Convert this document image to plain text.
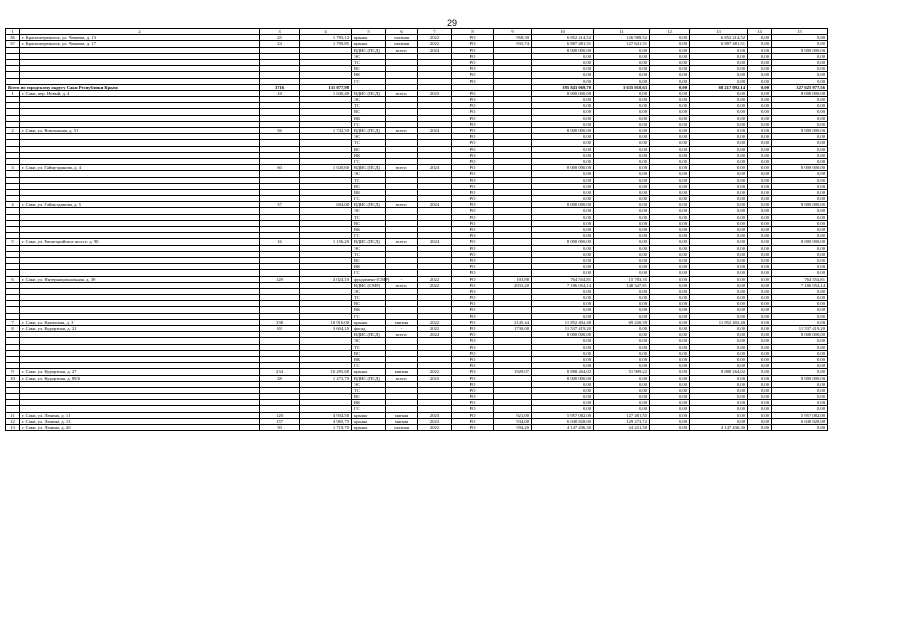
29
1	2	3	4	5	6	7	8	9	10	11	12	13	14	15
36	г. Красноперекопск, ул. Чапаева, д. 13	25	1 783,12	крыша	скатная	2022	РО	958,39	6 852 214,52	126 988,52	0,00	6 852 214,52	0,00	0,00
37	г. Красноперекопск, ул. Чапаева, д. 17	24	1 790,85	крыша	скатная	2022	РО	933,74	6 887 481,51	127 641,51	0,00	6 887 481,51	0,00	0,00
				ВДИС (ПСД)	всего:	2024	РО		8 000 000,00	0,00	0,00	0,00	0,00	8 000 000,00
				ЭС			РО		0,00	0,00	0,00	0,00	0,00	0,00
				ТС			РО		0,00	0,00	0,00	0,00	0,00	0,00
				ВС			РО		0,00	0,00	0,00	0,00	0,00	0,00
				ВК			РО		0,00	0,00	0,00	0,00	0,00	0,00
				ГС			РО		0,00	0,00	0,00	0,00	0,00	0,00
Всего по городскому округу Саки Республики Крым:		3716	131 077,98						395 843 069,70	3 635 018,63	0,00	68 217 092,14	0,00	327 625 977,56
1	г. Саки, пер. Новый, д. 4	18	1 040,40	ВДИС (ПСД)	всего:	2023	РО		8 000 000,00	0,00	0,00	0,00	0,00	8 000 000,00
				ЭС			РО		0,00	0,00	0,00	0,00	0,00	0,00
				ТС			РО		0,00	0,00	0,00	0,00	0,00	0,00
				ВС			РО		0,00	0,00	0,00	0,00	0,00	0,00
				ВК			РО		0,00	0,00	0,00	0,00	0,00	0,00
				ГС			РО		0,00	0,00	0,00	0,00	0,00	0,00
2	г. Саки, ул. Вокзальная, д. 51	56	1 742,50	ВДИС (ПСД)	всего:	2024	РО		8 000 000,00	0,00	0,00	0,00	0,00	8 000 000,00
				ЭС			РО		0,00	0,00	0,00	0,00	0,00	0,00
				ТС			РО		0,00	0,00	0,00	0,00	0,00	0,00
				ВС			РО		0,00	0,00	0,00	0,00	0,00	0,00
				ВК			РО		0,00	0,00	0,00	0,00	0,00	0,00
				ГС			РО		0,00	0,00	0,00	0,00	0,00	0,00
3	г. Саки, ул. Гайнутдинова, д. 4	60	1 020,60	ВДИС (ПСД)	всего:	2024	РО		8 000 000,00	0,00	0,00	0,00	0,00	8 000 000,00
				ЭС			РО		0,00	0,00	0,00	0,00	0,00	0,00
				ТС			РО		0,00	0,00	0,00	0,00	0,00	0,00
				ВС			РО		0,00	0,00	0,00	0,00	0,00	0,00
				ВК			РО		0,00	0,00	0,00	0,00	0,00	0,00
				ГС			РО		0,00	0,00	0,00	0,00	0,00	0,00
4	г. Саки, ул. Гайнутдинова, д. 5	37	694,00	ВДИС (ПСД)	всего:	2024	РО		8 000 000,00	0,00	0,00	0,00	0,00	8 000 000,00
				ЭС			РО		0,00	0,00	0,00	0,00	0,00	0,00
				ТС			РО		0,00	0,00	0,00	0,00	0,00	0,00
				ВС			РО		0,00	0,00	0,00	0,00	0,00	0,00
				ВК			РО		0,00	0,00	0,00	0,00	0,00	0,00
				ГС			РО		0,00	0,00	0,00	0,00	0,00	0,00
5	г. Саки, ул. Евпаторийское шоссе, д. 90	16	1 156,20	ВДИС (ПСД)	всего:	2024	РО		8 000 000,00	0,00	0,00	0,00	0,00	8 000 000,00
				ЭС			РО		0,00	0,00	0,00	0,00	0,00	0,00
				ТС			РО		0,00	0,00	0,00	0,00	0,00	0,00
				ВС			РО		0,00	0,00	0,00	0,00	0,00	0,00
				ВК			РО		0,00	0,00	0,00	0,00	0,00	0,00
				ГС			РО		0,00	0,00	0,00	0,00	0,00	0,00
6	г. Саки, ул. Интернациональная, д. 39	129	4 024,10	фундамент (СМР)	-	2022	РО	103,88	764 554,81	15 783,35	0,00	0,00	0,00	764 554,81
				ВДИС (СМР)	всего:	2022	РО	2933,20	7 186 054,14	148 347,81	0,00	0,00	0,00	7 186 054,14
				ЭС			РО		0,00	0,00	0,00	0,00	0,00	0,00
				ТС			РО		0,00	0,00	0,00	0,00	0,00	0,00
				ВС			РО		0,00	0,00	0,00	0,00	0,00	0,00
				ВК			РО		0,00	0,00	0,00	0,00	0,00	0,00
				ГС			РО		0,00	0,00	0,00	0,00	0,00	0,00
7	г. Саки, ул. Крымская, д. 3	338	10 916,00	крыша	мягкая	2022	РО	2145,44	11 852 402,48	69 220,39	0,00	11 852 402,48	0,00	0,00
8	г. Саки, ул. Курортная, д. 21	83	3 604,10	фасад	-	2022	РО	1730,00	11 537 419,20	0,00	0,00	0,00	0,00	11 537 419,20
				ВДИС (ПСД)	всего:	2024	РО		8 000 000,00	0,00	0,00	0,00	0,00	8 000 000,00
				ЭС			РО		0,00	0,00	0,00	0,00	0,00	0,00
				ТС			РО		0,00	0,00	0,00	0,00	0,00	0,00
				ВС			РО		0,00	0,00	0,00	0,00	0,00	0,00
				ВК			РО		0,00	0,00	0,00	0,00	0,00	0,00
				ГС			РО		0,00	0,00	0,00	0,00	0,00	0,00
9	г. Саки, ул. Курортная, д. 27	234	10 295,68	крыша	мягкая	2022	РО	1929,07	8 888 264,02	51 909,22	0,00	8 888 264,02	0,00	0,00
10	г. Саки, ул. Курортная, д. 89/6	28	1 273,70	ВДИС (ПСД)	всего:	2023	РО		8 000 000,00	0,00	0,00	0,00	0,00	8 000 000,00
				ЭС			РО		0,00	0,00	0,00	0,00	0,00	0,00
				ТС			РО		0,00	0,00	0,00	0,00	0,00	0,00
				ВС			РО		0,00	0,00	0,00	0,00	0,00	0,00
				ВК			РО		0,00	0,00	0,00	0,00	0,00	0,00
				ГС			РО		0,00	0,00	0,00	0,00	0,00	0,00
11	г. Саки, ул. Ленина, д. 11	120	4 934,50	крыша	мягкая	2023	РО	921,00	5 957 082,00	127 481,55	0,00	0,00	0,00	5 957 082,00
12	г. Саки, ул. Ленина, д. 13	157	4 965,75	крыша	мягкая	2023	РО	934,00	6 040 828,00	129 273,72	0,00	0,00	0,00	6 040 828,00
13	г. Саки, ул. Ленина, д. 26	50	1 718,70	крыша	скатная	2022	РО	594,20	4 147 436,30	24 221,50	0,00	4 147 436,30	0,00	0,00
